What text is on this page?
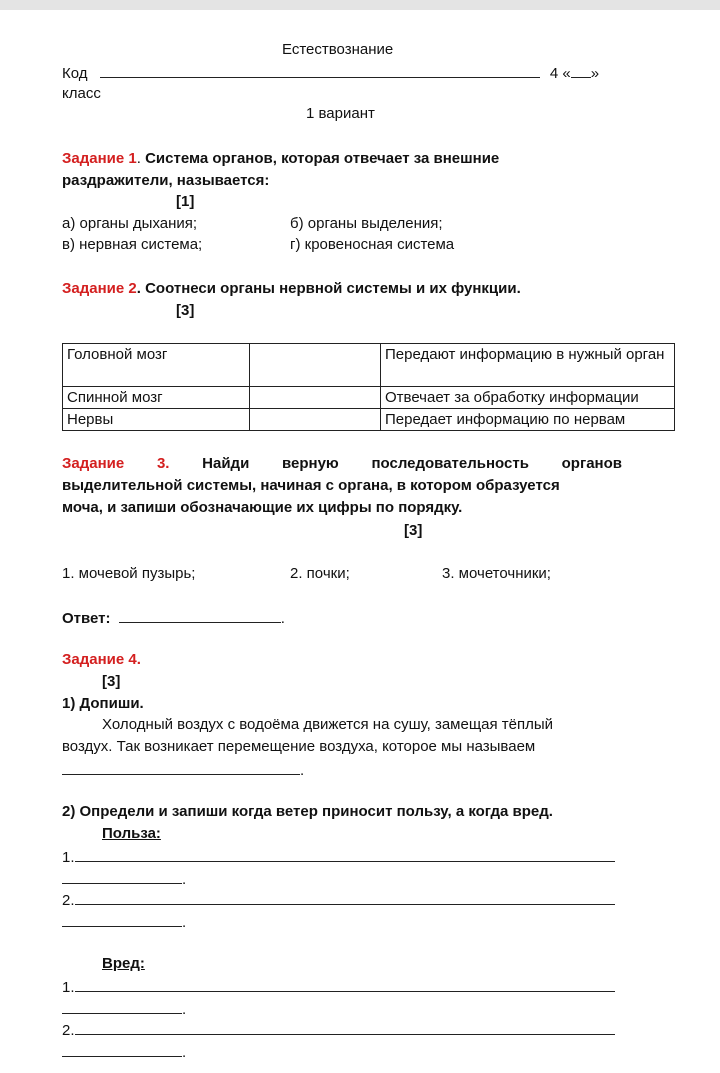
Естествознание
Код	4 « »
класс
1 вариант
Задание 1. Система органов, которая отвечает за внешние
раздражители, называется:
[1]
а) органы дыхания;	б) органы выделения;
в) нервная система;	г) кровеносная система
Задание 2. Соотнеси органы нервной системы и их функции.
[3]
Головной мозг		Передают информацию в нужный орган
Спинной мозг		Отвечает за обработку информации
Нервы		Передает информацию по нервам
Задание 3. Найди верную последовательность органов
выделительной системы, начиная с органа, в котором образуется
моча, и запиши обозначающие их цифры по порядку.
[3]
1. мочевой пузырь;	2. почки;	3. мочеточники;
Ответ:	.
Задание 4.
[3]
1) Допиши.
Холодный воздух с водоёма движется на сушу, замещая тёплый
воздух. Так возникает перемещение воздуха, которое мы называем
.
2) Определи и запиши когда ветер приносит пользу, а когда вред.
Польза:
1.
.
2.
.
Вред:
1.
.
2.
.
